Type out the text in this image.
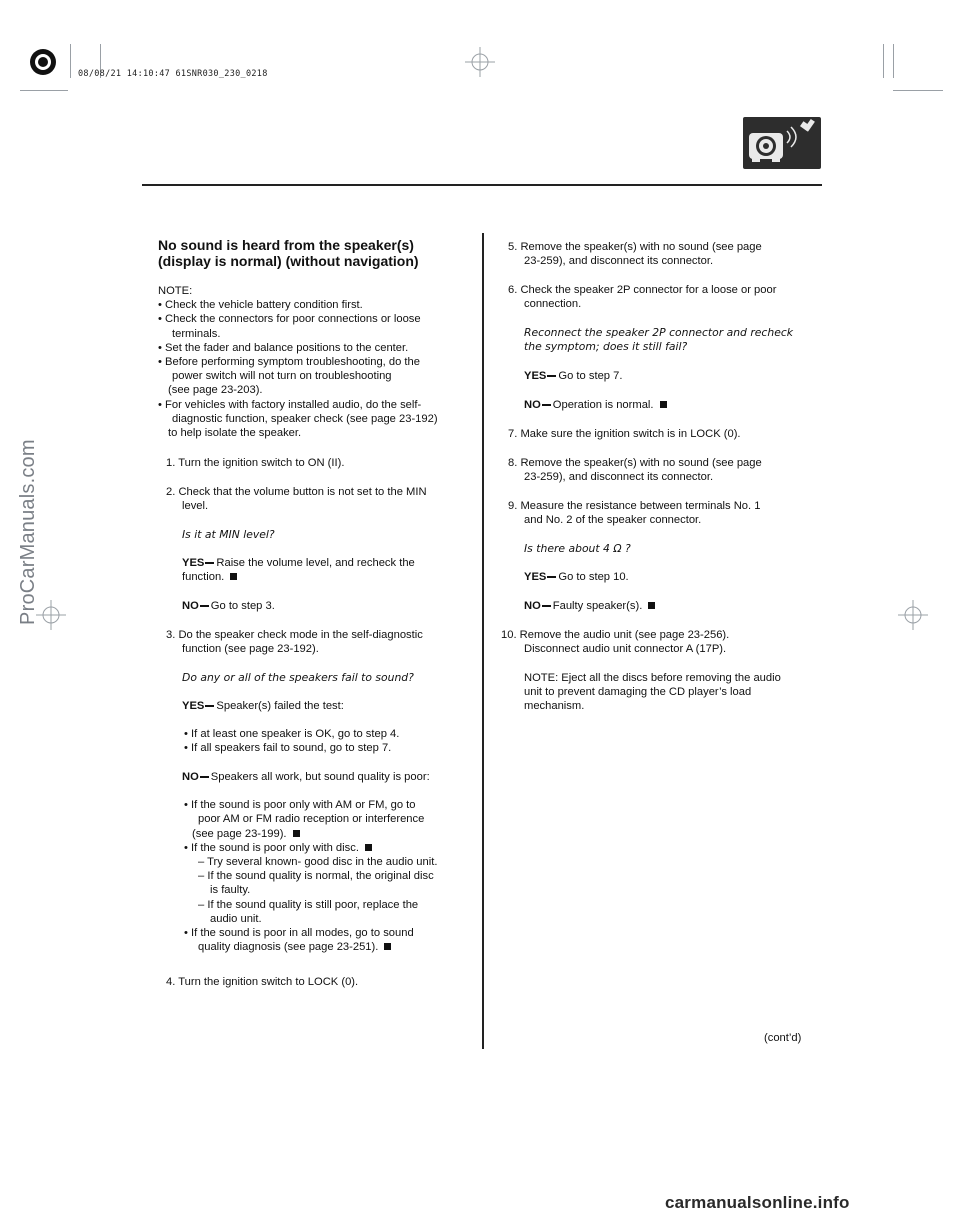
08/08/21 14:10:47 61SNR030_230_0218
No sound is heard from the speaker(s)
(display is normal) (without navigation)
NOTE:
• Check the vehicle battery condition first.
• Check the connectors for poor connections or loose
terminals.
• Set the fader and balance positions to the center.
• Before performing symptom troubleshooting, do the
power switch will not turn on troubleshooting
(see page 23-203).
• For vehicles with factory installed audio, do the self-
diagnostic function, speaker check (see page 23-192)
to help isolate the speaker.
1. Turn the ignition switch to ON (II).
2. Check that the volume button is not set to the MIN
level.
Is it at MIN level?
YES Raise the volume level, and recheck the
function.
NO Go to step 3.
3. Do the speaker check mode in the self-diagnostic
function (see page 23-192).
Do any or all of the speakers fail to sound?
YES Speaker(s) failed the test:
• If at least one speaker is OK, go to step 4.
• If all speakers fail to sound, go to step 7.
NO Speakers all work, but sound quality is poor:
• If the sound is poor only with AM or FM, go to
poor AM or FM radio reception or interference
(see page 23-199).
• If the sound is poor only with disc.
– Try several known- good disc in the audio unit.
– If the sound quality is normal, the original disc
is faulty.
– If the sound quality is still poor, replace the
audio unit.
• If the sound is poor in all modes, go to sound
quality diagnosis (see page 23-251).
4. Turn the ignition switch to LOCK (0).
5. Remove the speaker(s) with no sound (see page
23-259), and disconnect its connector.
6. Check the speaker 2P connector for a loose or poor
connection.
Reconnect the speaker 2P connector and recheck
the symptom; does it still fail?
YES Go to step 7.
NO Operation is normal.
7. Make sure the ignition switch is in LOCK (0).
8. Remove the speaker(s) with no sound (see page
23-259), and disconnect its connector.
9. Measure the resistance between terminals No. 1
and No. 2 of the speaker connector.
Is there about 4 Ω ?
YES Go to step 10.
NO Faulty speaker(s).
10. Remove the audio unit (see page 23-256).
Disconnect audio unit connector A (17P).
NOTE: Eject all the discs before removing the audio
unit to prevent damaging the CD player’s load
mechanism.
(cont’d)
ProCarManuals.com
carmanualsonline.info
